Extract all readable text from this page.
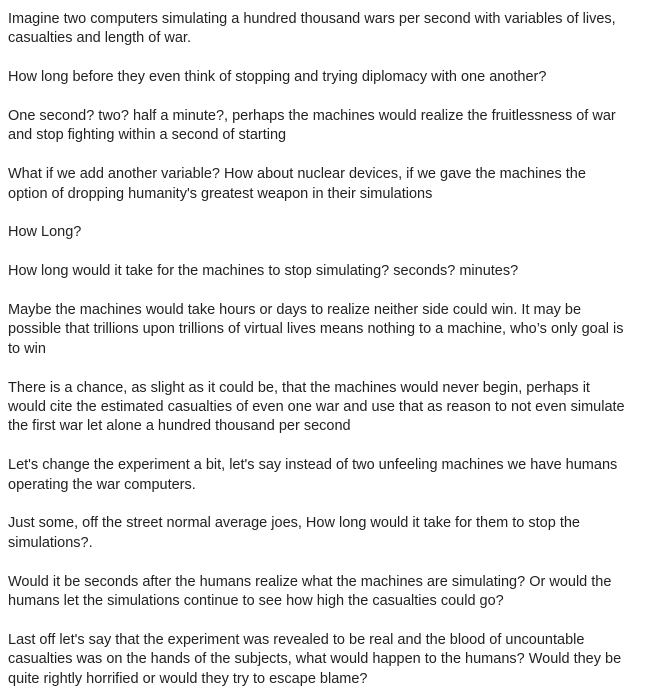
Imagine two computers simulating a hundred thousand wars per second with variables of lives,
casualties and length of war.

How long before they even think of stopping and trying diplomacy with one another?

One second? two? half a minute?, perhaps the machines would realize the fruitlessness of war
and stop fighting within a second of starting

What if we add another variable? How about nuclear devices, if we gave the machines the
option of dropping humanity's greatest weapon in their simulations

How Long?

How long would it take for the machines to stop simulating? seconds? minutes?

Maybe the machines would take hours or days to realize neither side could win. It may be
possible that trillions upon trillions of virtual lives means nothing to a machine, who’s only goal is
to win

There is a chance, as slight as it could be, that the machines would never begin, perhaps it
would cite the estimated casualties of even one war and use that as reason to not even simulate
the first war let alone a hundred thousand per second

Let's change the experiment a bit, let's say instead of two unfeeling machines we have humans
operating the war computers.

Just some, off the street normal average joes, How long would it take for them to stop the
simulations?.

Would it be seconds after the humans realize what the machines are simulating? Or would the
humans let the simulations continue to see how high the casualties could go?

Last off let's say that the experiment was revealed to be real and the blood of uncountable
casualties was on the hands of the subjects, what would happen to the humans? Would they be
quite rightly horrified or would they try to escape blame?
